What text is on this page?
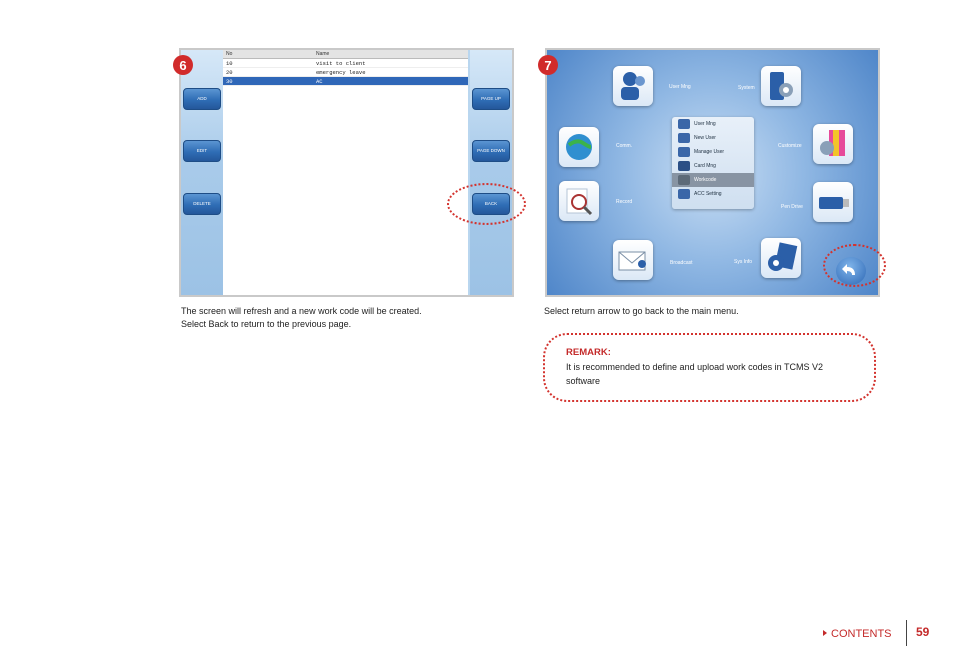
ADD
EDIT
DELETE
No	Name
10	visit to client
20	emergency leave
30	AC
PAGE UP
PAGE DOWN
BACK
6
The screen will refresh and a new work code will be created.
Select Back to return to the previous page.
User Mng	System
Comm.	Customize
Record
Pen Drive
Broadcast	Sys Info
User Mng
New User
Manage User
Card Mng
Workcode
ACC Setting
7
Select return arrow to go back to the main menu.
REMARK:
It is recommended to define and upload work codes in TCMS V2 software
CONTENTS 59
